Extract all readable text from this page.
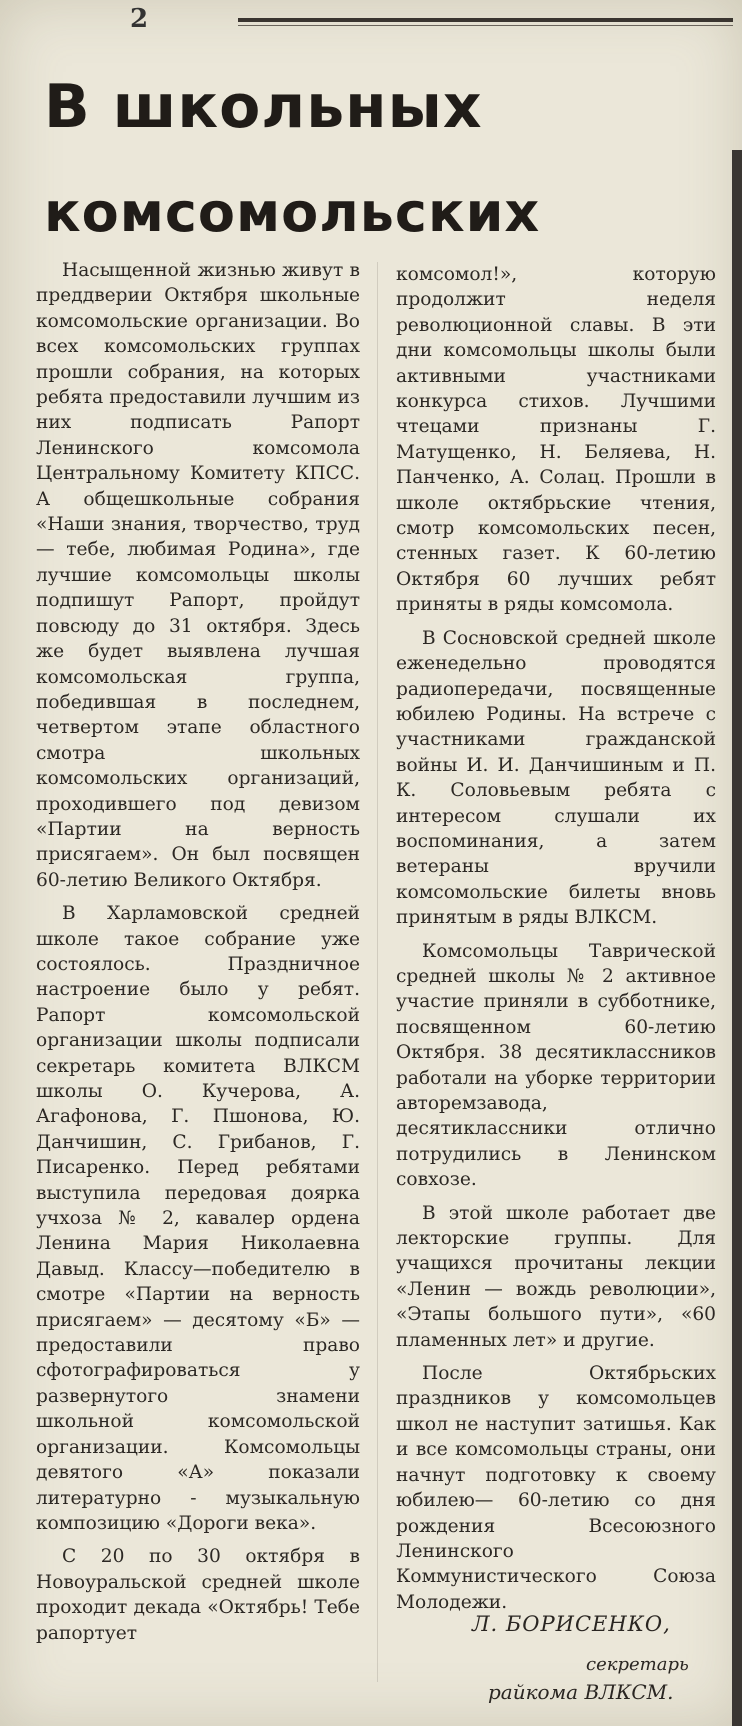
2
В школьных
комсомольских

Насыщенной жизнью живут в преддверии Октября школьные комсомольские организации. Во всех комсомольских группах прошли собрания, на которых ребята предоставили лучшим из них подписать Рапорт Ленинского комсомола Центральному Комитету КПСС. А общешкольные собрания «Наши знания, творчество, труд— тебе, любимая Родина», где лучшие комсомольцы школы подпишут Рапорт, пройдут повсюду до 31 октября. Здесь же будет выявлена лучшая комсомольская группа, победившая в последнем, четвертом этапе областного смотра школьных комсомольских организаций, проходившего под девизом «Партии на верность присягаем». Он был посвящен 60-летию Великого Октября.

В Харламовской средней школе такое собрание уже состоялось. Праздничное настроение было у ребят. Рапорт комсомольской организации школы подписали секретарь комитета ВЛКСМ школы О. Кучерова, А. Агафонова, Г. Пшонова, Ю. Данчишин, С. Грибанов, Г. Писаренко. Перед ребятами выступила передовая доярка учхоза № 2, кавалер ордена Ленина Мария Николаевна Давыд. Классу—победителю в смотре «Партии на верность присягаем» — десятому «Б» —предоставили право сфотографироваться у развернутого знамени школьной комсомольской организации. Комсомольцы девятого «А» показали литературно - музыкальную композицию «Дороги века».

С 20 по 30 октября в Новоуральской средней школе проходит декада «Октябрь! Тебе рапортует

комсомол!», которую продолжит неделя революционной славы. В эти дни комсомольцы школы были активными участниками конкурса стихов. Лучшими чтецами признаны Г. Матущенко, Н. Беляева, Н. Панченко, А. Солац. Прошли в школе октябрьские чтения, смотр комсомольских песен, стенных газет. К 60-летию Октября 60 лучших ребят приняты в ряды комсомола.

В Сосновской средней школе еженедельно проводятся радиопередачи, посвященные юбилею Родины. На встрече с участниками гражданской войны И. И. Данчишиным и П. К. Соловьевым ребята с интересом слушали их воспоминания, а затем ветераны вручили комсомольские билеты вновь принятым в ряды ВЛКСМ.

Комсомольцы Таврической средней школы № 2 активное участие приняли в субботнике, посвященном 60-летию Октября. 38 десятиклассников работали на уборке территории авторемзавода, десятиклассники отлично потрудились в Ленинском совхозе.

В этой школе работает две лекторские группы. Для учащихся прочитаны лекции «Ленин — вождь революции», «Этапы большого пути», «60 пламенных лет» и другие.

После Октябрьских праздников у комсомольцев школ не наступит затишья. Как и все комсомольцы страны, они начнут подготовку к своему юбилею— 60-летию со дня рождения Всесоюзного Ленинского Коммунистического Союза Молодежи.

Л. БОРИСЕНКО,

секретарь

райкома ВЛКСМ.
